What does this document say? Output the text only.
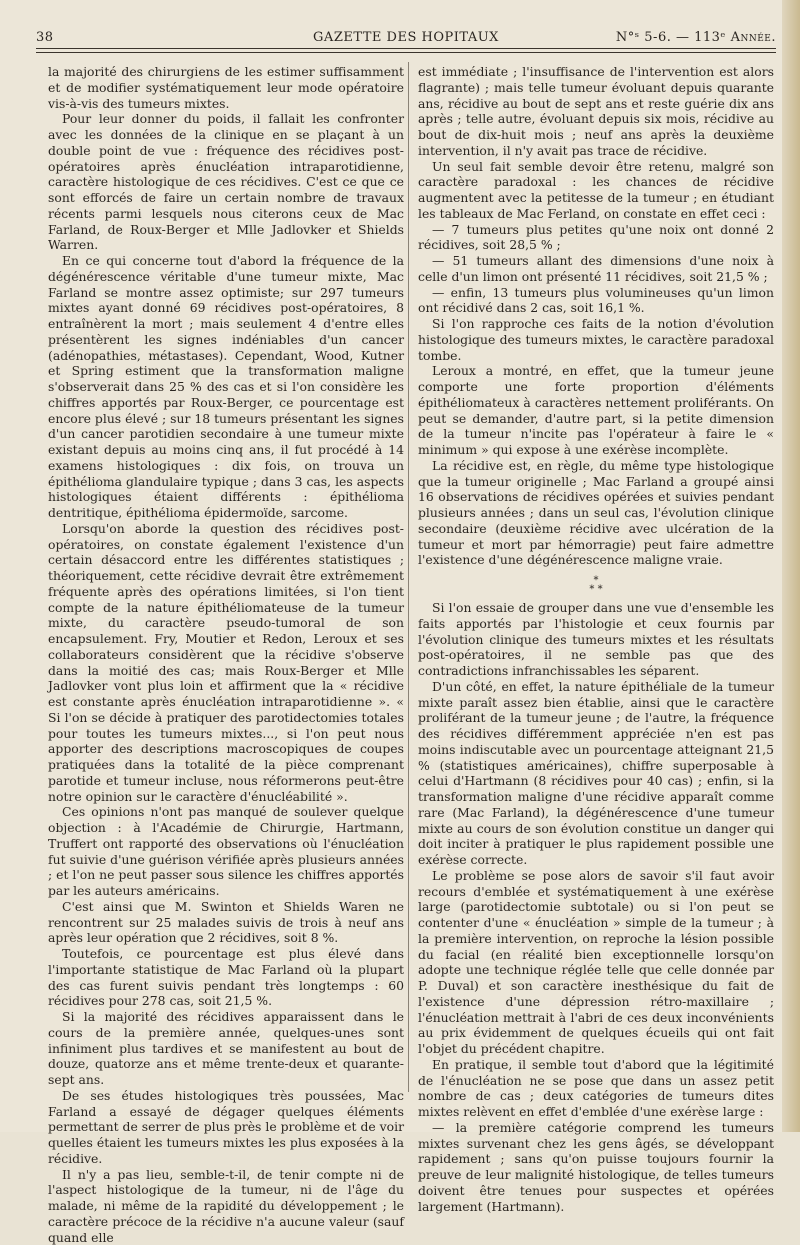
38	GAZETTE DES HOPITAUX	N°ˢ 5-6. — 113ᵉ Année.

la majorité des chirurgiens de les estimer suffisamment et de modifier systématiquement leur mode opératoire vis-à-vis des tumeurs mixtes.

Pour leur donner du poids, il fallait les confronter avec les données de la clinique en se plaçant à un double point de vue : fréquence des récidives post-opératoires après énucléation intraparotidienne, caractère histologique de ces récidives. C'est ce que ce sont efforcés de faire un certain nombre de travaux récents parmi lesquels nous citerons ceux de Mac Farland, de Roux-Berger et Mlle Jadlovker et Shields Warren.

En ce qui concerne tout d'abord la fréquence de la dégénérescence véritable d'une tumeur mixte, Mac Farland se montre assez optimiste; sur 297 tumeurs mixtes ayant donné 69 récidives post-opératoires, 8 entraînèrent la mort ; mais seulement 4 d'entre elles présentèrent les signes indéniables d'un cancer (adénopathies, métastases). Cependant, Wood, Kutner et Spring estiment que la transformation maligne s'observerait dans 25 % des cas et si l'on considère les chiffres apportés par Roux-Berger, ce pourcentage est encore plus élevé ; sur 18 tumeurs présentant les signes d'un cancer parotidien secondaire à une tumeur mixte existant depuis au moins cinq ans, il fut procédé à 14 examens histologiques : dix fois, on trouva un épithélioma glandulaire typique ; dans 3 cas, les aspects histologiques étaient différents : épithélioma dentritique, épithélioma épidermoïde, sarcome.

Lorsqu'on aborde la question des récidives post-opératoires, on constate également l'existence d'un certain désaccord entre les différentes statistiques ; théoriquement, cette récidive devrait être extrêmement fréquente après des opérations limitées, si l'on tient compte de la nature épithéliomateuse de la tumeur mixte, du caractère pseudo-tumoral de son encapsulement. Fry, Moutier et Redon, Leroux et ses collaborateurs considèrent que la récidive s'observe dans la moitié des cas; mais Roux-Berger et Mlle Jadlovker vont plus loin et affirment que la « récidive est constante après énucléation intraparotidienne ». « Si l'on se décide à pratiquer des parotidectomies totales pour toutes les tumeurs mixtes..., si l'on peut nous apporter des descriptions macroscopiques de coupes pratiquées dans la totalité de la pièce comprenant parotide et tumeur incluse, nous réformerons peut-être notre opinion sur le caractère d'énucléabilité ».

Ces opinions n'ont pas manqué de soulever quelque objection : à l'Académie de Chirurgie, Hartmann, Truffert ont rapporté des observations où l'énucléation fut suivie d'une guérison vérifiée après plusieurs années ; et l'on ne peut passer sous silence les chiffres apportés par les auteurs américains.

C'est ainsi que M. Swinton et Shields Waren ne rencontrent sur 25 malades suivis de trois à neuf ans après leur opération que 2 récidives, soit 8 %.

Toutefois, ce pourcentage est plus élevé dans l'importante statistique de Mac Farland où la plupart des cas furent suivis pendant très longtemps : 60 récidives pour 278 cas, soit 21,5 %.

Si la majorité des récidives apparaissent dans le cours de la première année, quelques-unes sont infiniment plus tardives et se manifestent au bout de douze, quatorze ans et même trente-deux et quarante-sept ans.

De ses études histologiques très poussées, Mac Farland a essayé de dégager quelques éléments permettant de serrer de plus près le problème et de voir quelles étaient les tumeurs mixtes les plus exposées à la récidive.

Il n'y a pas lieu, semble-t-il, de tenir compte ni de l'aspect histologique de la tumeur, ni de l'âge du malade, ni même de la rapidité du développement ; le caractère précoce de la récidive n'a aucune valeur (sauf quand elle

est immédiate ; l'insuffisance de l'intervention est alors flagrante) ; mais telle tumeur évoluant depuis quarante ans, récidive au bout de sept ans et reste guérie dix ans après ; telle autre, évoluant depuis six mois, récidive au bout de dix-huit mois ; neuf ans après la deuxième intervention, il n'y avait pas trace de récidive.

Un seul fait semble devoir être retenu, malgré son caractère paradoxal : les chances de récidive augmentent avec la petitesse de la tumeur ; en étudiant les tableaux de Mac Ferland, on constate en effet ceci :

— 7 tumeurs plus petites qu'une noix ont donné 2 récidives, soit 28,5 % ;

— 51 tumeurs allant des dimensions d'une noix à celle d'un limon ont présenté 11 récidives, soit 21,5 % ;

— enfin, 13 tumeurs plus volumineuses qu'un limon ont récidivé dans 2 cas, soit 16,1 %.

Si l'on rapproche ces faits de la notion d'évolution histologique des tumeurs mixtes, le caractère paradoxal tombe.

Leroux a montré, en effet, que la tumeur jeune comporte une forte proportion d'éléments épithéliomateux à caractères nettement proliférants. On peut se demander, d'autre part, si la petite dimension de la tumeur n'incite pas l'opérateur à faire le « minimum » qui expose à une exérèse incomplète.

La récidive est, en règle, du même type histologique que la tumeur originelle ; Mac Farland a groupé ainsi 16 observations de récidives opérées et suivies pendant plusieurs années ; dans un seul cas, l'évolution clinique secondaire (deuxième récidive avec ulcération de la tumeur et mort par hémorragie) peut faire admettre l'existence d'une dégénérescence maligne vraie.

*
* *

Si l'on essaie de grouper dans une vue d'ensemble les faits apportés par l'histologie et ceux fournis par l'évolution clinique des tumeurs mixtes et les résultats post-opératoires, il ne semble pas que des contradictions infranchissables les séparent.

D'un côté, en effet, la nature épithéliale de la tumeur mixte paraît assez bien établie, ainsi que le caractère proliférant de la tumeur jeune ; de l'autre, la fréquence des récidives différemment appréciée n'en est pas moins indiscutable avec un pourcentage atteignant 21,5 % (statistiques américaines), chiffre superposable à celui d'Hartmann (8 récidives pour 40 cas) ; enfin, si la transformation maligne d'une récidive apparaît comme rare (Mac Farland), la dégénérescence d'une tumeur mixte au cours de son évolution constitue un danger qui doit inciter à pratiquer le plus rapidement possible une exérèse correcte.

Le problème se pose alors de savoir s'il faut avoir recours d'emblée et systématiquement à une exérèse large (parotidectomie subtotale) ou si l'on peut se contenter d'une « énucléation » simple de la tumeur ; à la première intervention, on reproche la lésion possible du facial (en réalité bien exceptionnelle lorsqu'on adopte une technique réglée telle que celle donnée par P. Duval) et son caractère inesthésique du fait de l'existence d'une dépression rétro-maxillaire ; l'énucléation mettrait à l'abri de ces deux inconvénients au prix évidemment de quelques écueils qui ont fait l'objet du précédent chapitre.

En pratique, il semble tout d'abord que la légitimité de l'énucléation ne se pose que dans un assez petit nombre de cas ; deux catégories de tumeurs dites mixtes relèvent en effet d'emblée d'une exérèse large :

— la première catégorie comprend les tumeurs mixtes survenant chez les gens âgés, se développant rapidement ; sans qu'on puisse toujours fournir la preuve de leur malignité histologique, de telles tumeurs doivent être tenues pour suspectes et opérées largement (Hartmann).
